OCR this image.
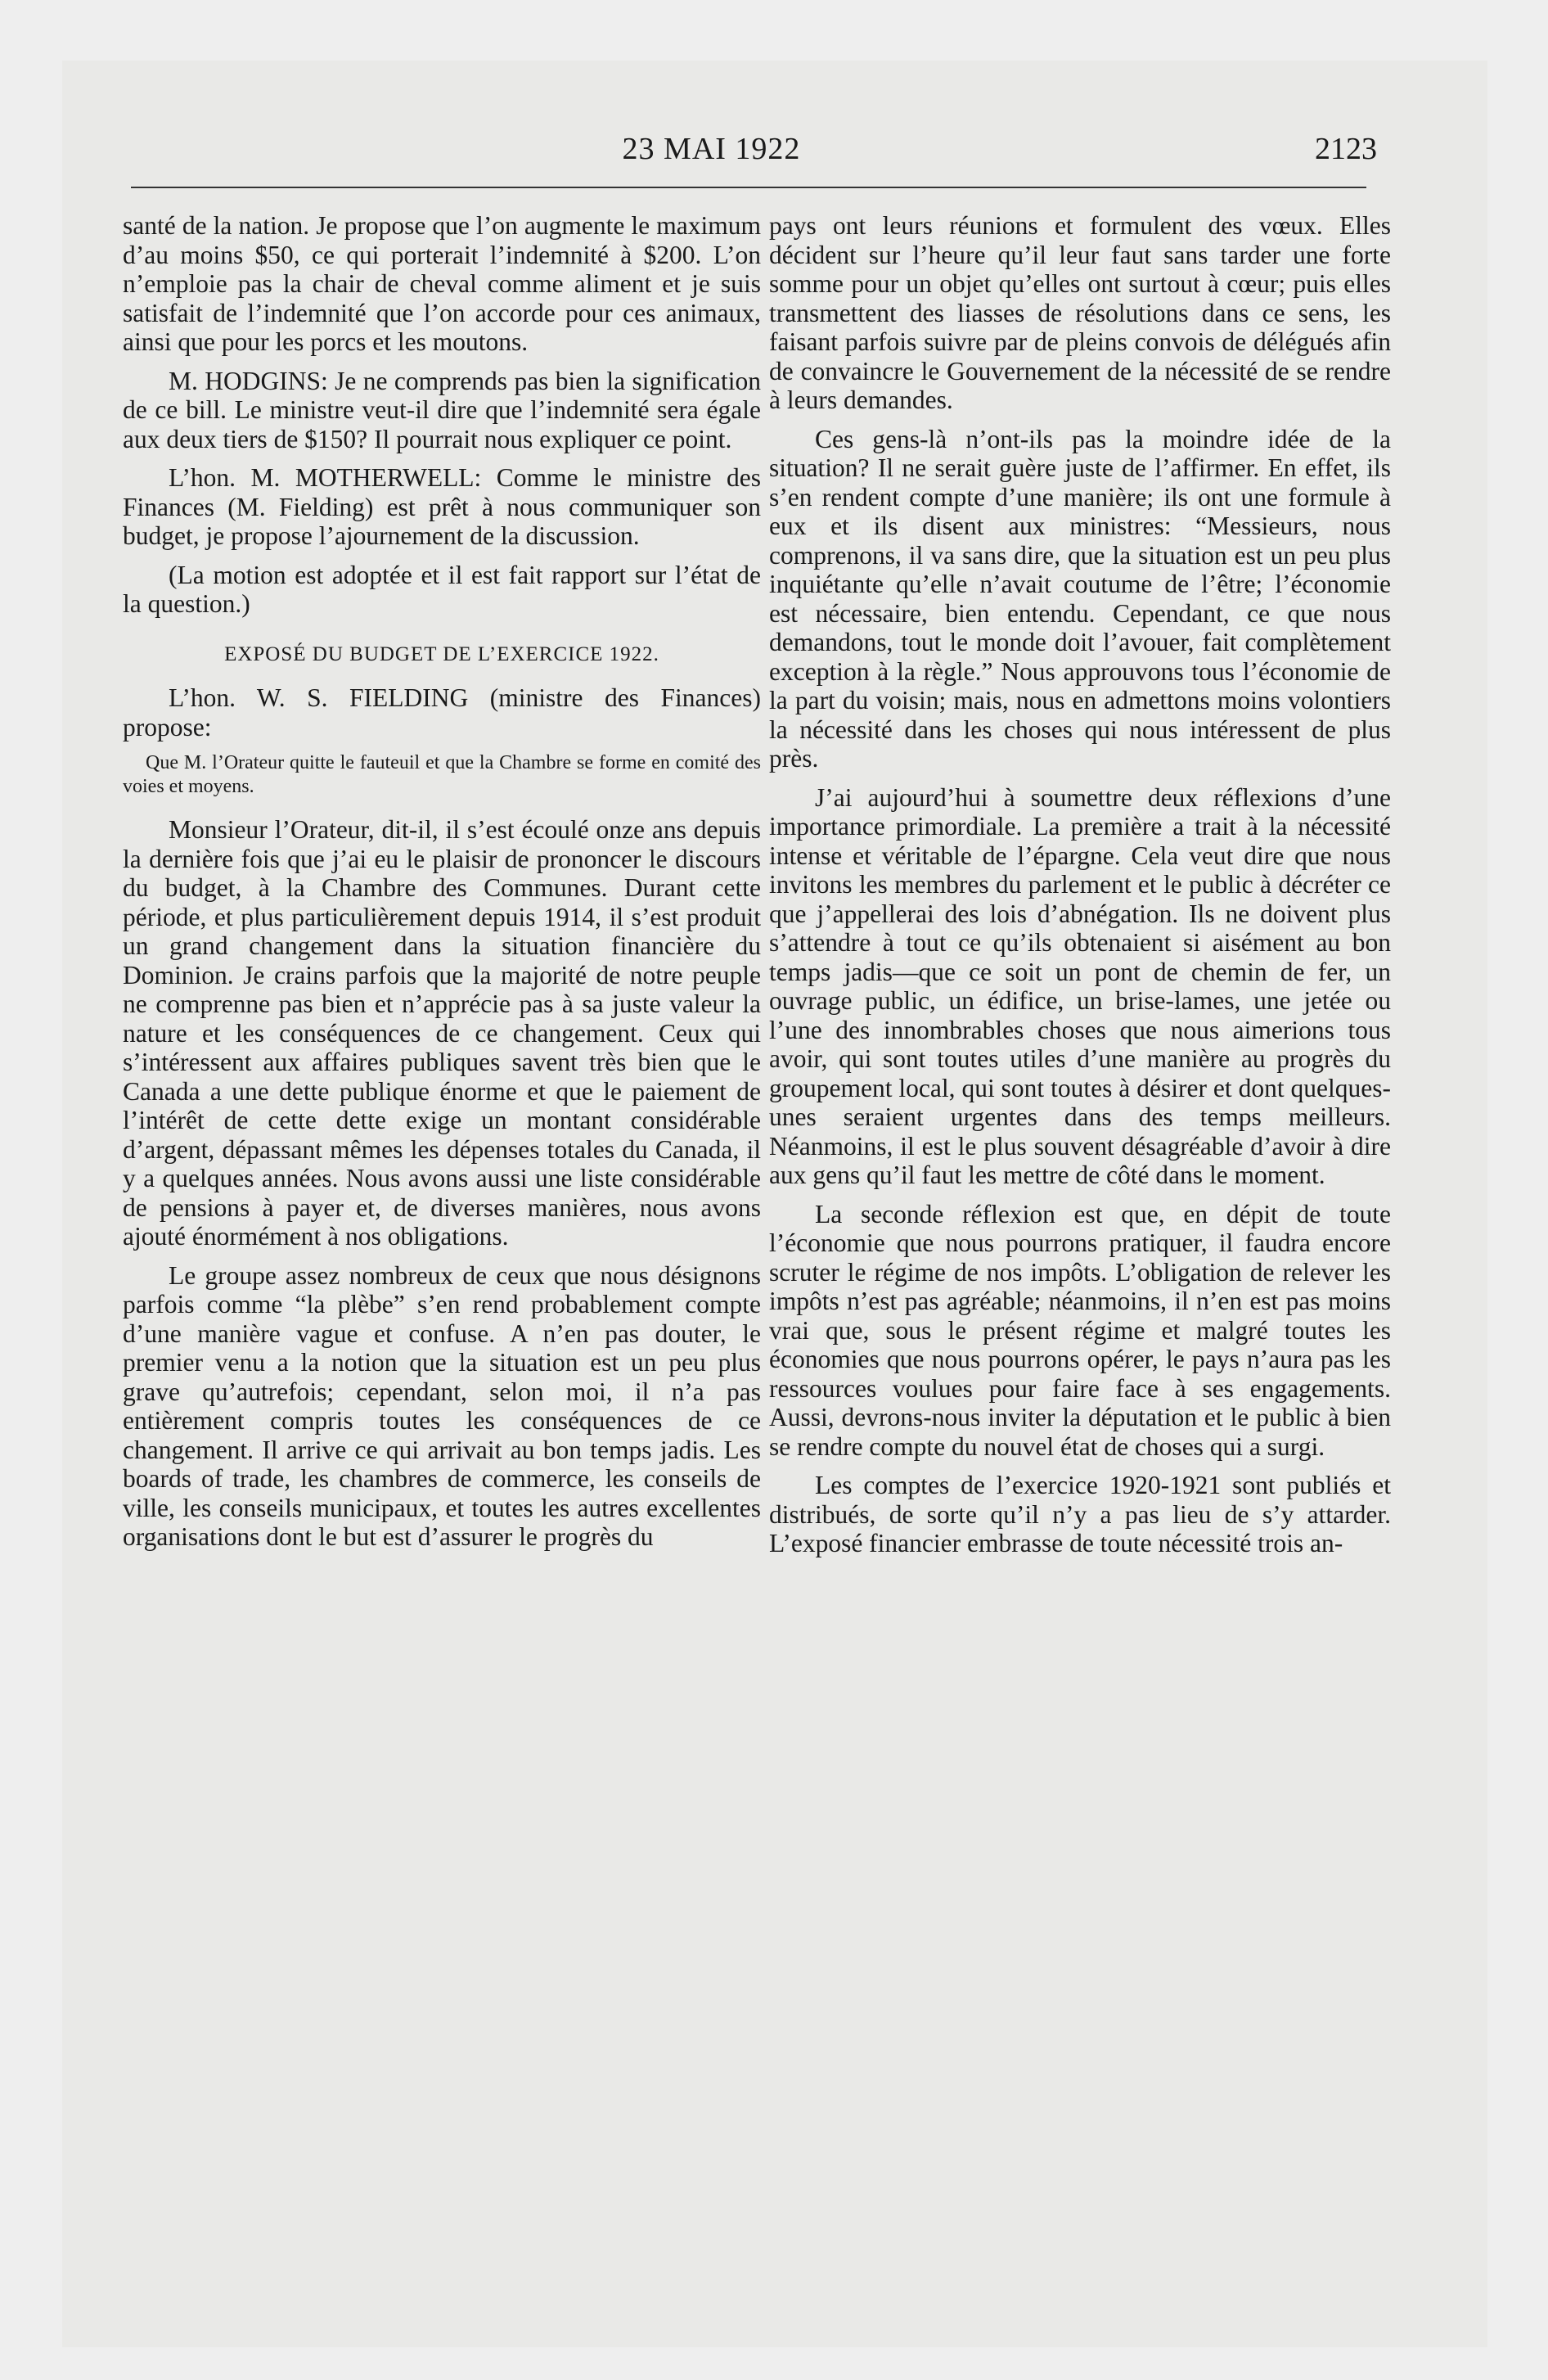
23 MAI 1922	2123

santé de la nation. Je propose que l’on augmente le maximum d’au moins $50, ce qui porterait l’indemnité à $200. L’on n’emploie pas la chair de cheval comme aliment et je suis satisfait de l’indemnité que l’on accorde pour ces animaux, ainsi que pour les porcs et les moutons.

M. HODGINS: Je ne comprends pas bien la signification de ce bill. Le ministre veut-il dire que l’indemnité sera égale aux deux tiers de $150? Il pourrait nous expliquer ce point.

L’hon. M. MOTHERWELL: Comme le ministre des Finances (M. Fielding) est prêt à nous communiquer son budget, je propose l’ajournement de la discussion.

(La motion est adoptée et il est fait rapport sur l’état de la question.)

EXPOSÉ DU BUDGET DE L’EXERCICE 1922.

L’hon. W. S. FIELDING (ministre des Finances) propose:

Que M. l’Orateur quitte le fauteuil et que la Chambre se forme en comité des voies et moyens.

Monsieur l’Orateur, dit-il, il s’est écoulé onze ans depuis la dernière fois que j’ai eu le plaisir de prononcer le discours du budget, à la Chambre des Communes. Durant cette période, et plus particulièrement depuis 1914, il s’est produit un grand changement dans la situation financière du Dominion. Je crains parfois que la majorité de notre peuple ne comprenne pas bien et n’apprécie pas à sa juste valeur la nature et les conséquences de ce changement. Ceux qui s’intéressent aux affaires publiques savent très bien que le Canada a une dette publique énorme et que le paiement de l’intérêt de cette dette exige un montant considérable d’argent, dépassant mêmes les dépenses totales du Canada, il y a quelques années. Nous avons aussi une liste considérable de pensions à payer et, de diverses manières, nous avons ajouté énormément à nos obligations.

Le groupe assez nombreux de ceux que nous désignons parfois comme “la plèbe” s’en rend probablement compte d’une manière vague et confuse. A n’en pas douter, le premier venu a la notion que la situation est un peu plus grave qu’autrefois; cependant, selon moi, il n’a pas entièrement compris toutes les conséquences de ce changement. Il arrive ce qui arrivait au bon temps jadis. Les boards of trade, les chambres de commerce, les conseils de ville, les conseils municipaux, et toutes les autres excellentes organisations dont le but est d’assurer le progrès du

pays ont leurs réunions et formulent des vœux. Elles décident sur l’heure qu’il leur faut sans tarder une forte somme pour un objet qu’elles ont surtout à cœur; puis elles transmettent des liasses de résolutions dans ce sens, les faisant parfois suivre par de pleins convois de délégués afin de convaincre le Gouvernement de la nécessité de se rendre à leurs demandes.

Ces gens-là n’ont-ils pas la moindre idée de la situation? Il ne serait guère juste de l’affirmer. En effet, ils s’en rendent compte d’une manière; ils ont une formule à eux et ils disent aux ministres: “Messieurs, nous comprenons, il va sans dire, que la situation est un peu plus inquiétante qu’elle n’avait coutume de l’être; l’économie est nécessaire, bien entendu. Cependant, ce que nous demandons, tout le monde doit l’avouer, fait complètement exception à la règle.” Nous approuvons tous l’économie de la part du voisin; mais, nous en admettons moins volontiers la nécessité dans les choses qui nous intéressent de plus près.

J’ai aujourd’hui à soumettre deux réflexions d’une importance primordiale. La première a trait à la nécessité intense et véritable de l’épargne. Cela veut dire que nous invitons les membres du parlement et le public à décréter ce que j’appellerai des lois d’abnégation. Ils ne doivent plus s’attendre à tout ce qu’ils obtenaient si aisément au bon temps jadis—que ce soit un pont de chemin de fer, un ouvrage public, un édifice, un brise-lames, une jetée ou l’une des innombrables choses que nous aimerions tous avoir, qui sont toutes utiles d’une manière au progrès du groupement local, qui sont toutes à désirer et dont quelques-unes seraient urgentes dans des temps meilleurs. Néanmoins, il est le plus souvent désagréable d’avoir à dire aux gens qu’il faut les mettre de côté dans le moment.

La seconde réflexion est que, en dépit de toute l’économie que nous pourrons pratiquer, il faudra encore scruter le régime de nos impôts. L’obligation de relever les impôts n’est pas agréable; néanmoins, il n’en est pas moins vrai que, sous le présent régime et malgré toutes les économies que nous pourrons opérer, le pays n’aura pas les ressources voulues pour faire face à ses engagements. Aussi, devrons-nous inviter la députation et le public à bien se rendre compte du nouvel état de choses qui a surgi.

Les comptes de l’exercice 1920-1921 sont publiés et distribués, de sorte qu’il n’y a pas lieu de s’y attarder. L’exposé financier embrasse de toute nécessité trois an-
